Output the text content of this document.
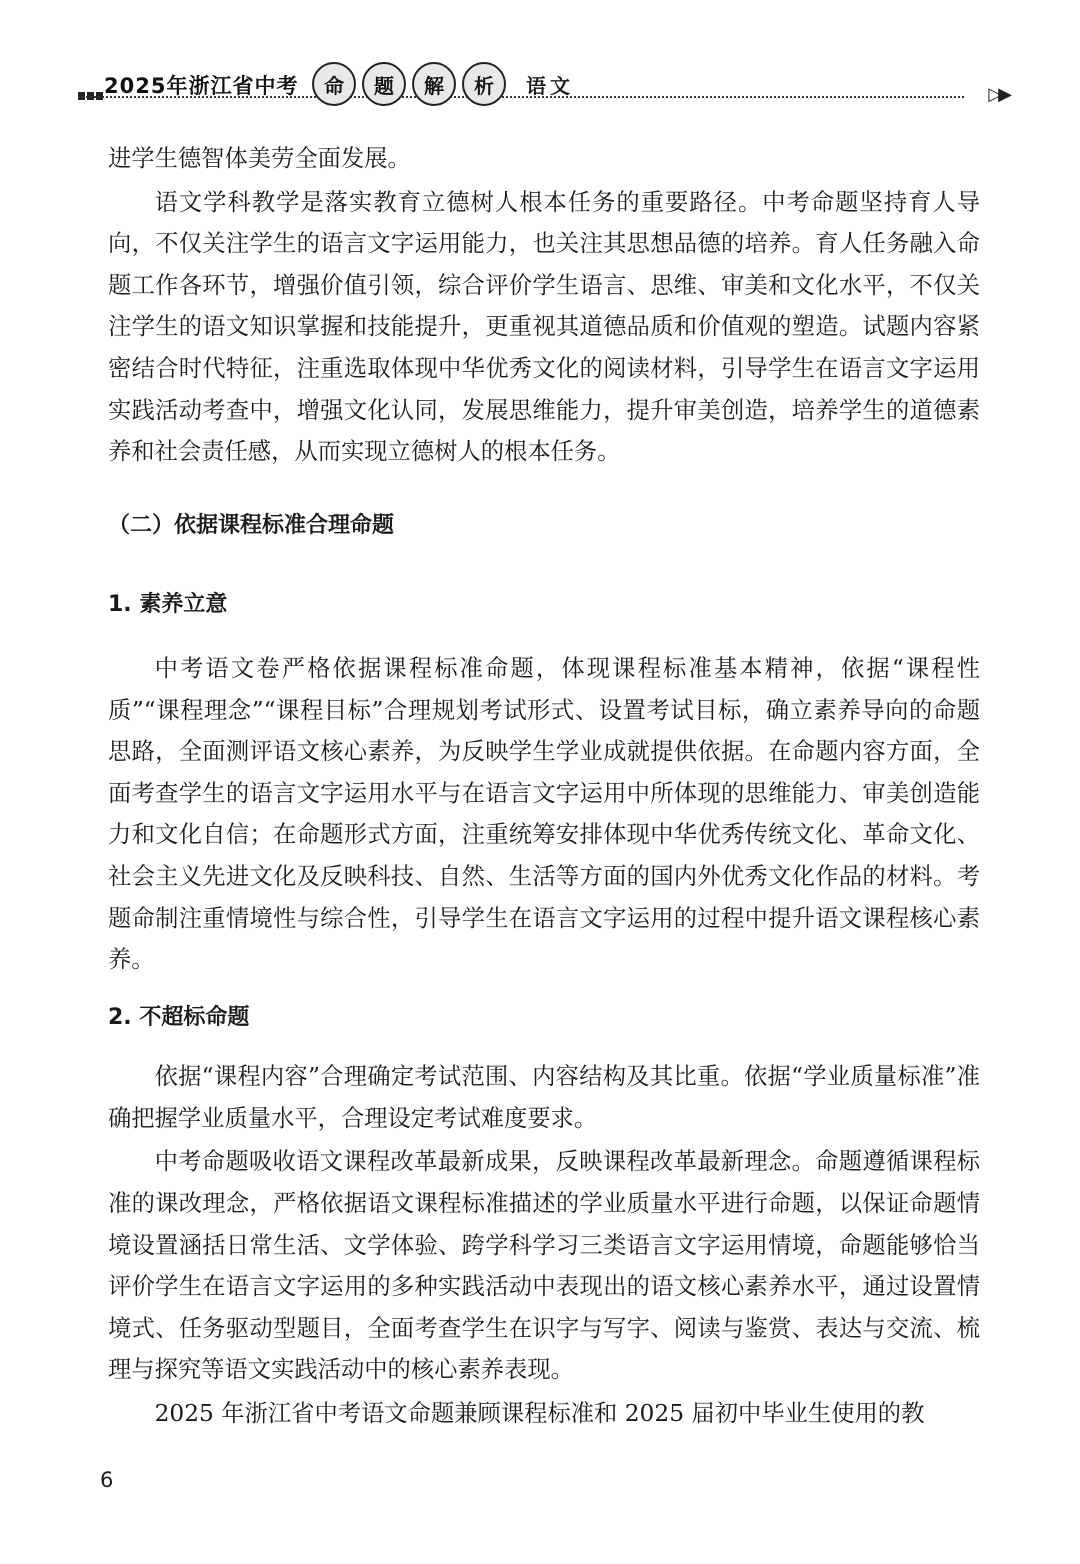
2025年浙江省中考	命	题	解	析	语文	▷▶

进学生德智体美劳全面发展。

语文学科教学是落实教育立德树人根本任务的重要路径。中考命题坚持育人导向，不仅关注学生的语言文字运用能力，也关注其思想品德的培养。育人任务融入命题工作各环节，增强价值引领，综合评价学生语言、思维、审美和文化水平，不仅关注学生的语文知识掌握和技能提升，更重视其道德品质和价值观的塑造。试题内容紧密结合时代特征，注重选取体现中华优秀文化的阅读材料，引导学生在语言文字运用实践活动考查中，增强文化认同，发展思维能力，提升审美创造，培养学生的道德素养和社会责任感，从而实现立德树人的根本任务。

（二）依据课程标准合理命题
1. 素养立意

中考语文卷严格依据课程标准命题，体现课程标准基本精神，依据“课程性质”“课程理念”“课程目标”合理规划考试形式、设置考试目标，确立素养导向的命题思路，全面测评语文核心素养，为反映学生学业成就提供依据。在命题内容方面，全面考查学生的语言文字运用水平与在语言文字运用中所体现的思维能力、审美创造能力和文化自信；在命题形式方面，注重统筹安排体现中华优秀传统文化、革命文化、社会主义先进文化及反映科技、自然、生活等方面的国内外优秀文化作品的材料。考题命制注重情境性与综合性，引导学生在语言文字运用的过程中提升语文课程核心素养。

2. 不超标命题

依据“课程内容”合理确定考试范围、内容结构及其比重。依据“学业质量标准”准确把握学业质量水平，合理设定考试难度要求。

中考命题吸收语文课程改革最新成果，反映课程改革最新理念。命题遵循课程标准的课改理念，严格依据语文课程标准描述的学业质量水平进行命题，以保证命题情境设置涵括日常生活、文学体验、跨学科学习三类语言文字运用情境，命题能够恰当评价学生在语言文字运用的多种实践活动中表现出的语文核心素养水平，通过设置情境式、任务驱动型题目，全面考查学生在识字与写字、阅读与鉴赏、表达与交流、梳理与探究等语文实践活动中的核心素养表现。

2025 年浙江省中考语文命题兼顾课程标准和 2025 届初中毕业生使用的教

6
